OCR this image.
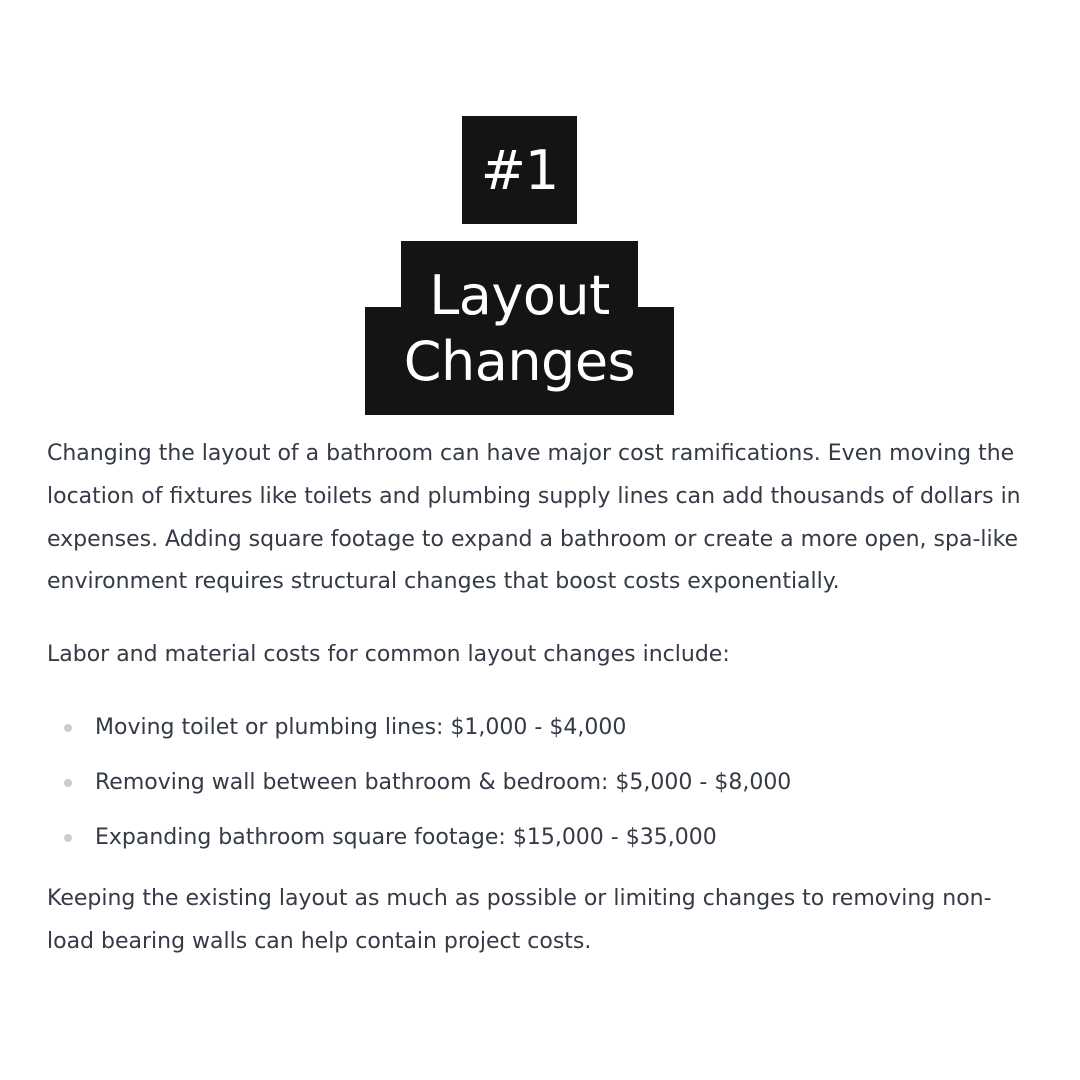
#1
Layout
Changes

Changing the layout of a bathroom can have major cost ramifications. Even moving the location of fixtures like toilets and plumbing supply lines can add thousands of dollars in expenses. Adding square footage to expand a bathroom or create a more open, spa-like environment requires structural changes that boost costs exponentially.

Labor and material costs for common layout changes include:

Moving toilet or plumbing lines: $1,000 - $4,000
Removing wall between bathroom & bedroom: $5,000 - $8,000
Expanding bathroom square footage: $15,000 - $35,000

Keeping the existing layout as much as possible or limiting changes to removing non-load bearing walls can help contain project costs.
